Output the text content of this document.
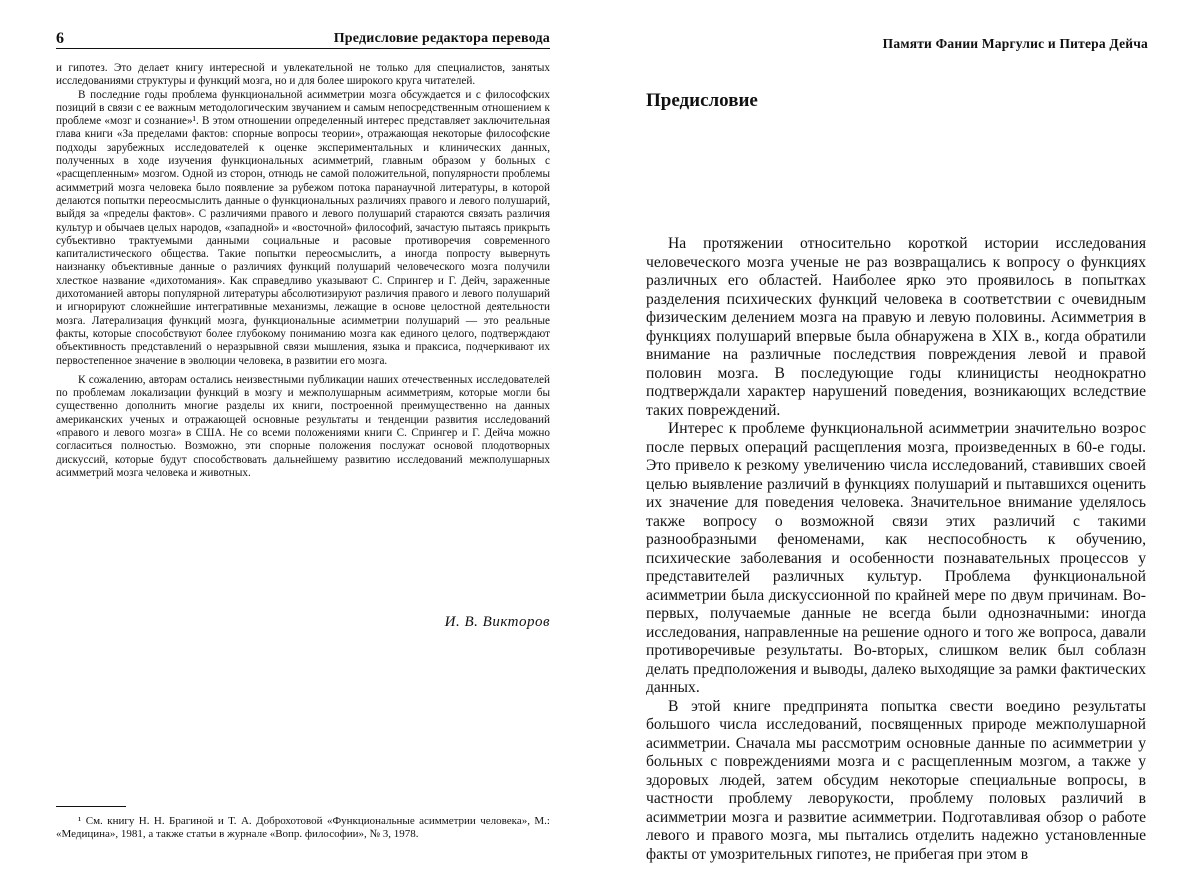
6	Предисловие редактора перевода

и гипотез. Это делает книгу интересной и увлекательной не только для специалистов, занятых исследованиями структуры и функций мозга, но и для более широкого круга читателей.

В последние годы проблема функциональной асимметрии мозга обсуждается и с философских позиций в связи с ее важным методологическим звучанием и самым непосредственным отношением к проблеме «мозг и сознание»¹. В этом отношении определенный интерес представляет заключительная глава книги «За пределами фактов: спорные вопросы теории», отражающая некоторые философские подходы зарубежных исследователей к оценке экспериментальных и клинических данных, полученных в ходе изучения функциональных асимметрий, главным образом у больных с «расщепленным» мозгом. Одной из сторон, отнюдь не самой положительной, популярности проблемы асимметрий мозга человека было появление за рубежом потока паранаучной литературы, в которой делаются попытки переосмыслить данные о функциональных различиях правого и левого полушарий, выйдя за «пределы фактов». С различиями правого и левого полушарий стараются связать различия культур и обычаев целых народов, «западной» и «восточной» философий, зачастую пытаясь прикрыть субъективно трактуемыми данными социальные и расовые противоречия современного капиталистического общества. Такие попытки переосмыслить, а иногда попросту вывернуть наизнанку объективные данные о различиях функций полушарий человеческого мозга получили хлесткое название «дихотомания». Как справедливо указывают С. Спрингер и Г. Дейч, зараженные дихотоманией авторы популярной литературы абсолютизируют различия правого и левого полушарий и игнорируют сложнейшие интегративные механизмы, лежащие в основе целостной деятельности мозга. Латерализация функций мозга, функциональные асимметрии полушарий — это реальные факты, которые способствуют более глубокому пониманию мозга как единого целого, подтверждают объективность представлений о неразрывной связи мышления, языка и праксиса, подчеркивают их первостепенное значение в эволюции человека, в развитии его мозга.

К сожалению, авторам остались неизвестными публикации наших отечественных исследователей по проблемам локализации функций в мозгу и межполушарным асимметриям, которые могли бы существенно дополнить многие разделы их книги, построенной преимущественно на данных американских ученых и отражающей основные результаты и тенденции развития исследований «правого и левого мозга» в США. Не со всеми положениями книги С. Спрингер и Г. Дейча можно согласиться полностью. Возможно, эти спорные положения послужат основой плодотворных дискуссий, которые будут способствовать дальнейшему развитию исследований межполушарных асимметрий мозга человека и животных.

И. В. Викторов

¹ См. книгу Н. Н. Брагиной и Т. А. Доброхотовой «Функциональные асимметрии человека», М.: «Медицина», 1981, а также статьи в журнале «Вопр. философии», № 3, 1978.

Памяти Фании Маргулис и Питера Дейча
Предисловие

На протяжении относительно короткой истории исследования человеческого мозга ученые не раз возвращались к вопросу о функциях различных его областей. Наиболее ярко это проявилось в попытках разделения психических функций человека в соответствии с очевидным физическим делением мозга на правую и левую половины. Асимметрия в функциях полушарий впервые была обнаружена в XIX в., когда обратили внимание на различные последствия повреждения левой и правой половин мозга. В последующие годы клиницисты неоднократно подтверждали характер нарушений поведения, возникающих вследствие таких повреждений.

Интерес к проблеме функциональной асимметрии значительно возрос после первых операций расщепления мозга, произведенных в 60-е годы. Это привело к резкому увеличению числа исследований, ставивших своей целью выявление различий в функциях полушарий и пытавшихся оценить их значение для поведения человека. Значительное внимание уделялось также вопросу о возможной связи этих различий с такими разнообразными феноменами, как неспособность к обучению, психические заболевания и особенности познавательных процессов у представителей различных культур. Проблема функциональной асимметрии была дискуссионной по крайней мере по двум причинам. Во-первых, получаемые данные не всегда были однозначными: иногда исследования, направленные на решение одного и того же вопроса, давали противоречивые результаты. Во-вторых, слишком велик был соблазн делать предположения и выводы, далеко выходящие за рамки фактических данных.

В этой книге предпринята попытка свести воедино результаты большого числа исследований, посвященных природе межполушарной асимметрии. Сначала мы рассмотрим основные данные по асимметрии у больных с повреждениями мозга и с расщепленным мозгом, а также у здоровых людей, затем обсудим некоторые специальные вопросы, в частности проблему леворукости, проблему половых различий в асимметрии мозга и развитие асимметрии. Подготавливая обзор о работе левого и правого мозга, мы пытались отделить надежно установленные факты от умозрительных гипотез, не прибегая при этом в
